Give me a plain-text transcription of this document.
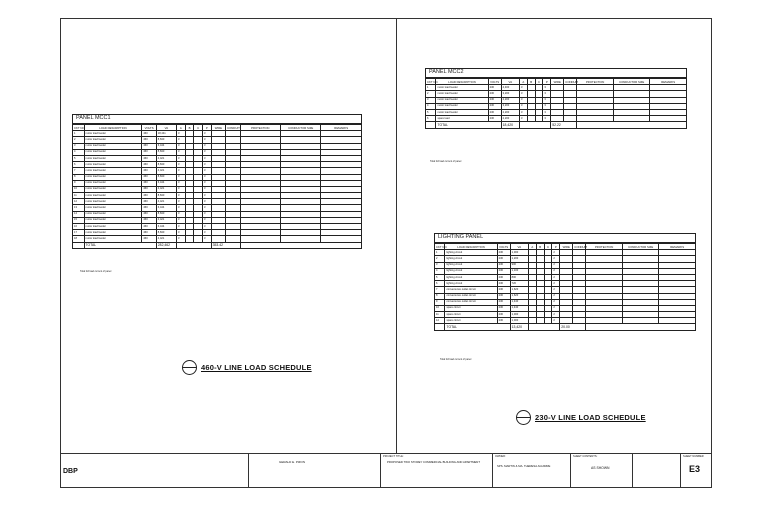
PANEL MCC1
CKT NO.	LOAD DESCRIPTION	VOLTS	VA	A	B	C	P	WIRE	CONDUIT	PROTECTION	CONDUCTOR SIZE	REMARKS
1	motor load feeder	460	18,441	3			3					
2	motor load feeder	460	8,840	3			3					
3	motor load feeder	460	6,444	3			3					
4	motor load feeder	460	8,840	3			3					
5	motor load feeder	460	4,421	3			3					
6	motor load feeder	460	8,840	3			3					
7	motor load feeder	460	4,421	3			3					
8	motor load feeder	460	8,840	3			3					
9	motor load feeder	460	6,444	3			3					
10	motor load feeder	460	4,421	3			3					
11	motor load feeder	460	8,840	3			3					
12	motor load feeder	460	4,421	3			3					
13	motor load feeder	460	6,444	3			3					
14	motor load feeder	460	8,840	3			3					
15	motor load feeder	460	4,421	3			3					
16	motor load feeder	460	6,444	3			3					
17	motor load feeder	460	8,840	3			3					
18	motor load feeder	460	4,421	3			3					
	TOTAL		282,462					353.42				
Total full load current of panel
PANEL MCC2
CKT NO.	LOAD DESCRIPTION	VOLTS	VA	A	B	C	P	WIRE	CONDUIT	PROTECTION	CONDUCTOR SIZE	REMARKS
1	motor load feeder	230	4,400	3			3					
2	motor load feeder	230	3,200	3			3					
3	motor load feeder	230	2,200	3			3					
4	motor load feeder	230	3,200	3			3					
5	motor load feeder	230	2,200	3			3					
6	spare load	230	2,200	3			3					
	TOTAL		18,420					52.22				
Total full load current of panel
LIGHTING PANEL
CKT NO.	LOAD DESCRIPTION	VOLTS	VA	A	B	C	P	WIRE	CONDUIT	PROTECTION	CONDUCTOR SIZE	REMARKS
1	lighting circuit	230	1,000				2					
2	lighting circuit	230	1,200				2					
3	lighting circuit	230	900				2					
4	lighting circuit	230	1,100				2					
5	lighting circuit	230	800				2					
6	lighting circuit	230	720				2					
7	convenience outlet circuit	230	1,620				2					
8	convenience outlet circuit	230	1,620				2					
9	convenience outlet circuit	230	1,440				2					
10	spare circuit	230	1,440				2					
11	spare circuit	230	1,000				2					
12	spare circuit	230	1,000				2					
	TOTAL		13,420					20.00				
Total full load current of panel
460-V LINE LOAD SCHEDULE
230-V LINE LOAD SCHEDULE
DBP
GERALD E. PIZON
PROJECT TITLE:
PROPOSED TWO STOREY COMMERCIAL BUILDING AND APARTMENT
OWNER:
SPS. MARTIN & MA. THERESA AGUIRRE
SHEET CONTENTS:
AS SHOWN
SHEET NUMBER
E3
